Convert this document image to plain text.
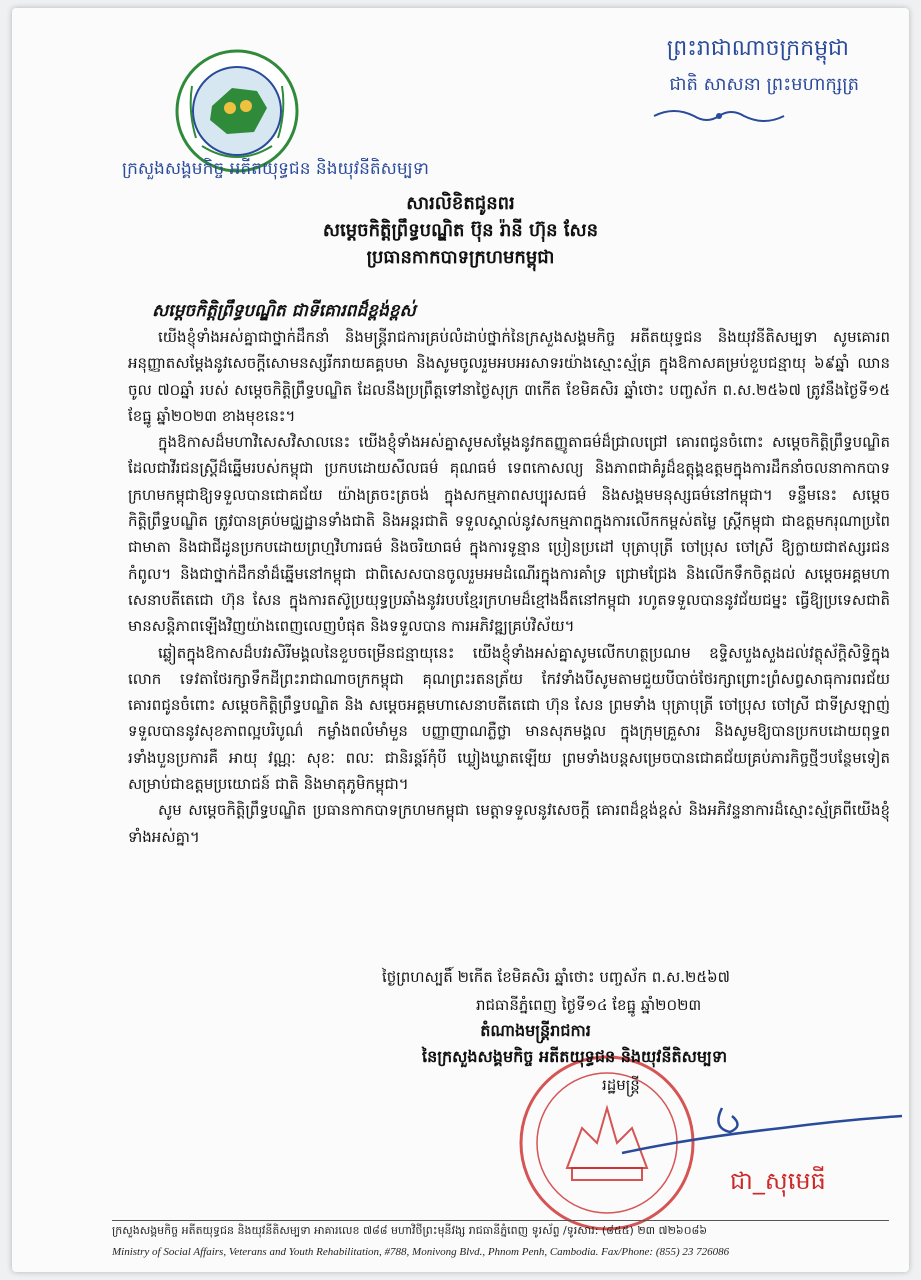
ក្រសួងសង្គមកិច្ច អតីតយុទ្ធជន និងយុវនីតិសម្បទា
ព្រះរាជាណាចក្រកម្ពុជា
ជាតិ សាសនា ព្រះមហាក្សត្រ
សារលិខិតជូនពរ
សម្តេចកិត្តិព្រឹទ្ធបណ្ឌិត ប៊ុន រ៉ានី ហ៊ុន សែន
ប្រធានកាកបាទក្រហមកម្ពុជា
សម្តេចកិត្តិព្រឹទ្ធបណ្ឌិត ជាទីគោរពដ៏ខ្ពង់ខ្ពស់

យើងខ្ញុំទាំងអស់គ្នាជាថ្នាក់ដឹកនាំ និងមន្ត្រីរាជការគ្រប់លំដាប់ថ្នាក់នៃក្រសួងសង្គមកិច្ច អតីតយុទ្ធជន និងយុវនីតិសម្បទា សូមគោរពអនុញ្ញាតសម្តែងនូវសេចក្តីសោមនស្សរីករាយគគ្គបមា និងសូមចូលរួមអបអរសាទរយ៉ាងស្មោះស្ម័គ្រ ក្នុងឱកាសគម្រប់ខួបជន្មាយុ ៦៩ឆ្នាំ ឈានចូល ៧០ឆ្នាំ របស់ សម្តេចកិត្តិព្រឹទ្ធបណ្ឌិត ដែលនឹងប្រព្រឹត្តទៅនាថ្ងៃសុក្រ ៣កើត ខែមិគសិរ ឆ្នាំថោះ បញ្ចស័ក ព.ស.២៥៦៧ ត្រូវនឹងថ្ងៃទី១៥ ខែធ្នូ ឆ្នាំ២០២៣ ខាងមុខនេះ។

ក្នុងឱកាសដ៏មហាវិសេសវិសាលនេះ យើងខ្ញុំទាំងអស់គ្នាសូមសម្តែងនូវកតញ្ញូតាធម៌ដ៏ជ្រាលជ្រៅ គោរពជូនចំពោះ សម្តេចកិត្តិព្រឹទ្ធបណ្ឌិត ដែលជាវីរជនស្ត្រីដ៏ឆ្នើមរបស់កម្ពុជា ប្រកបដោយសីលធម៌ គុណធម៌ ទេពកោសល្យ និងភាពជាគំរូដ៏ឧត្តុង្គឧត្តមក្នុងការដឹកនាំចលនាកាកបាទក្រហមកម្ពុជាឱ្យទទួលបានជោគជ័យ យ៉ាងត្រចះត្រចង់ ក្នុងសកម្មភាពសប្បុរសធម៌ និងសង្គមមនុស្សធម៌នៅកម្ពុជា។ ទន្ទឹមនេះ សម្តេចកិត្តិព្រឹទ្ធបណ្ឌិត ត្រូវបានគ្រប់មជ្ឈដ្ឋានទាំងជាតិ និងអន្តរជាតិ ទទួលស្គាល់នូវសកម្មភាពក្នុងការលើកកម្ពស់តម្លៃ ស្ត្រីកម្ពុជា ជាឧត្តមករុណាប្រពៃ ជាមាតា និងជាជីដូនប្រកបដោយព្រហ្មវិហារធម៌ និងចរិយាធម៌ ក្នុងការទូន្មាន ប្រៀនប្រដៅ បុត្រាបុត្រី ចៅប្រុស ចៅស្រី ឱ្យក្លាយជាឥស្សរជនកំពូល។ និងជាថ្នាក់ដឹកនាំដ៏ឆ្នើមនៅកម្ពុជា ជាពិសេសបានចូលរួមអមដំណើរក្នុងការគាំទ្រ ជ្រោមជ្រែង និងលើកទឹកចិត្តដល់ សម្តេចអគ្គមហាសេនាបតីតេជោ ហ៊ុន សែន ក្នុងការតស៊ូប្រយុទ្ធប្រឆាំងនូវរបបខ្មែរក្រហមដ៏ខ្មៅងងឹតនៅកម្ពុជា រហូតទទួលបាននូវជ័យជម្នះ ធ្វើឱ្យប្រទេសជាតិមានសន្តិភាពឡើងវិញយ៉ាងពេញលេញបំផុត និងទទួលបាន ការអភិវឌ្ឍគ្រប់វិស័យ។

ឆ្លៀតក្នុងឱកាសដ៏បវរសិរីមង្គលនៃខួបចម្រើនជន្មាយុនេះ យើងខ្ញុំទាំងអស់គ្នាសូមលើកហត្ថប្រណម ឧទ្ទិសបួងសួងដល់វត្ថុស័ក្តិសិទ្ធិក្នុងលោក ទេវតាថែរក្សាទឹកដីព្រះរាជាណាចក្រកម្ពុជា គុណព្រះរតនត្រ័យ កែវទាំងបីសូមតាមជួយបីបាច់ថែរក្សាព្រោះព្រំសព្វសាធុការពរជ័យគោរពជូនចំពោះ សម្តេចកិត្តិព្រឹទ្ធបណ្ឌិត និង សម្តេចអគ្គមហាសេនាបតីតេជោ ហ៊ុន សែន ព្រមទាំង បុត្រាបុត្រី ចៅប្រុស ចៅស្រី ជាទីស្រឡាញ់ ទទួលបាននូវសុខភាពល្អបរិបូណ៌ កម្លាំងពលំមាំមួន បញ្ញាញាណភ្លឺថ្លា មានសុភមង្គល ក្នុងក្រុមគ្រួសារ និងសូមឱ្យបានប្រកបដោយពុទ្ធពរទាំងបួនប្រការគឺ អាយុ វណ្ណៈ សុខៈ ពលៈ ជានិរន្តរ៍កុំបី ឃ្លៀងឃ្លាតឡើយ ព្រមទាំងបន្តសម្រេចបានជោគជ័យគ្រប់ភារកិច្ចថ្មីៗបន្ថែមទៀត សម្រាប់ជាឧត្តមប្រយោជន៍ ជាតិ និងមាតុភូមិកម្ពុជា។

សូម សម្តេចកិត្តិព្រឹទ្ធបណ្ឌិត ប្រធានកាកបាទក្រហមកម្ពុជា មេត្តាទទួលនូវសេចក្តី គោរពដ៏ខ្ពង់ខ្ពស់ និងអភិវន្ទនាការដ៏ស្មោះស្ម័គ្រពីយើងខ្ញុំទាំងអស់គ្នា។

ថ្ងៃព្រហស្បតិ៍ ២កើត ខែមិគសិរ ឆ្នាំថោះ បញ្ចស័ក ព.ស.២៥៦៧
រាជធានីភ្នំពេញ ថ្ងៃទី១៤ ខែធ្នូ ឆ្នាំ២០២៣
តំណាងមន្ត្រីរាជការ
នៃក្រសួងសង្គមកិច្ច អតីតយុទ្ធជន និងយុវនីតិសម្បទា
រដ្ឋមន្ត្រី
ជា_សុមេធី
ក្រសួងសង្គមកិច្ច អតីតយុទ្ធជន និងយុវនីតិសម្បទា អាគារលេខ ៧៨៨ មហាវិថីព្រះមុនីវង្ស រាជធានីភ្នំពេញ ទូរស័ព្ទ /ទូរសារ: (៨៥៥) ២៣ ៧២៦០៨៦
Ministry of Social Affairs, Veterans and Youth Rehabilitation, #788, Monivong Blvd., Phnom Penh, Cambodia. Fax/Phone: (855) 23 726086
